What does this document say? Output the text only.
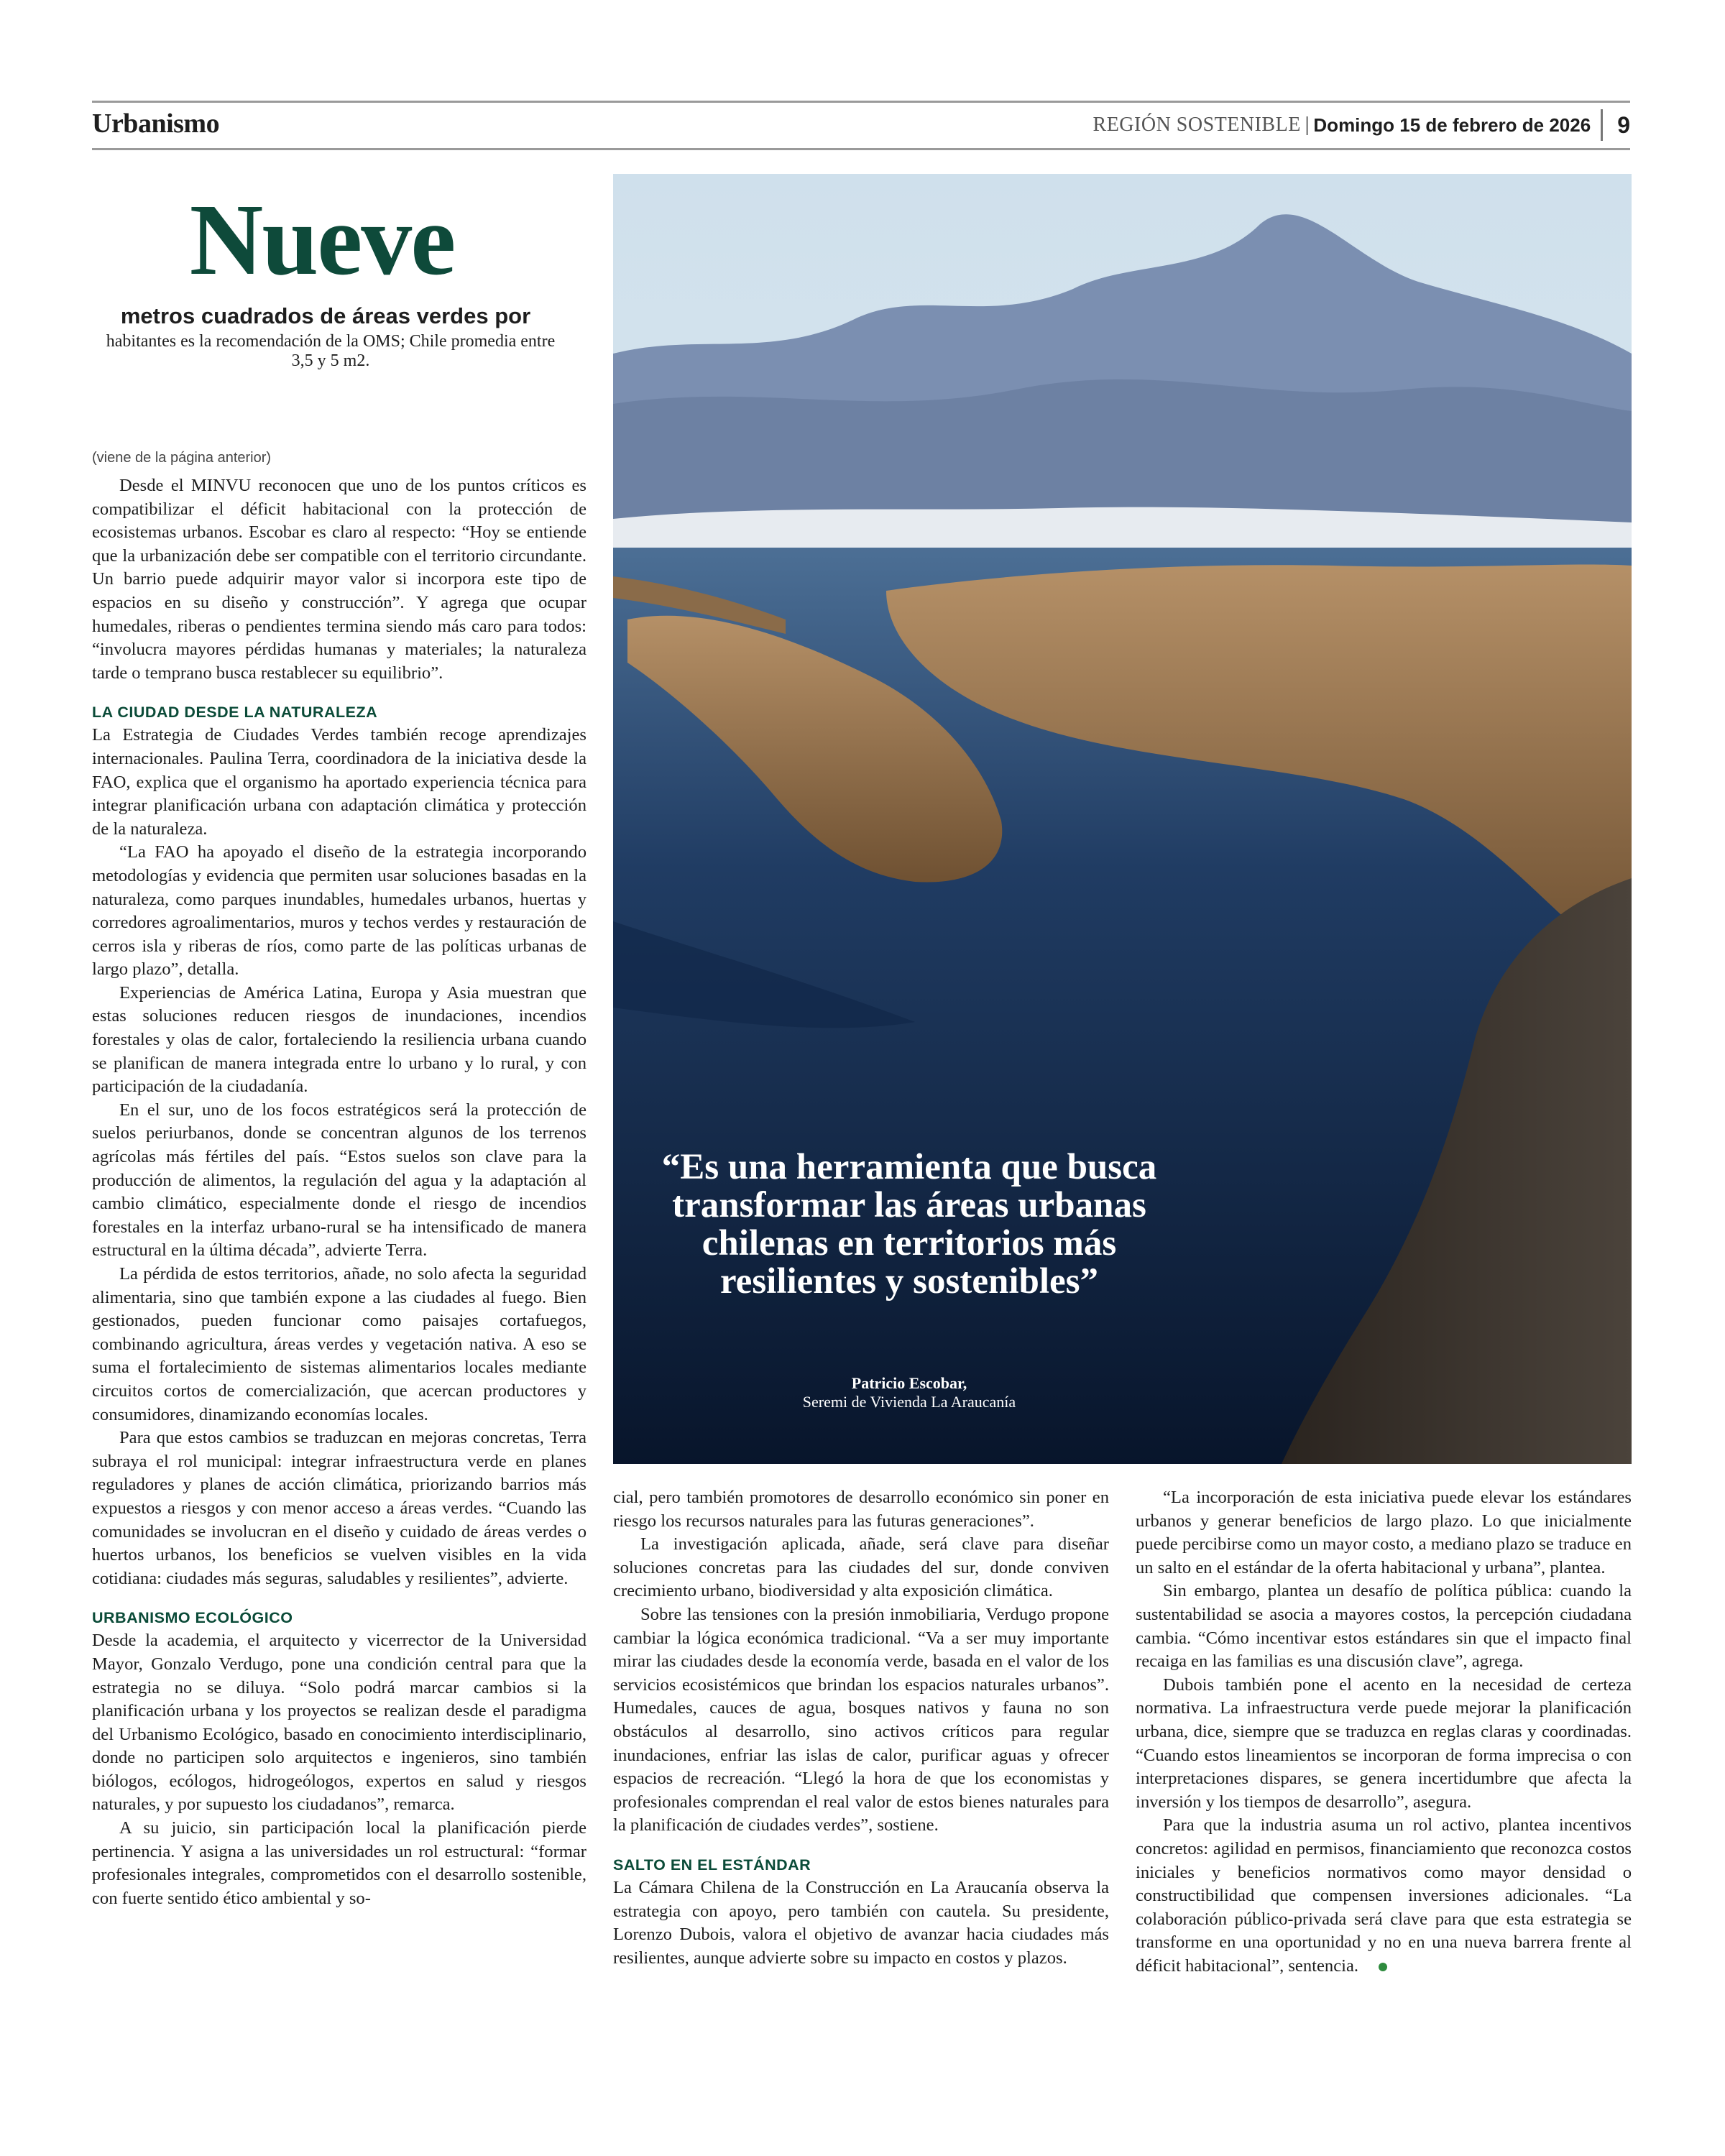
Urbanismo	REGIÓN SOSTENIBLE | Domingo 15 de febrero de 2026 9
Nueve
metros cuadrados de áreas verdes por
habitantes es la recomendación de la OMS; Chile promedia entre 3,5 y 5 m2.
“Es una herramienta que busca transformar las áreas urbanas chilenas en territorios más resilientes y sostenibles”
Patricio Escobar,
Seremi de Vivienda La Araucanía
(viene de la página anterior)

Desde el MINVU reconocen que uno de los puntos críticos es compatibilizar el déficit habitacional con la protección de ecosistemas urbanos. Escobar es claro al respecto: “Hoy se entiende que la urbanización debe ser compatible con el territorio circundante. Un barrio puede adquirir mayor valor si incorpora este tipo de espacios en su diseño y construcción”. Y agrega que ocupar humedales, riberas o pendientes termina siendo más caro para todos: “involucra mayores pérdidas humanas y materiales; la naturaleza tarde o temprano busca restablecer su equilibrio”.

LA CIUDAD DESDE LA NATURALEZA

La Estrategia de Ciudades Verdes también recoge aprendizajes internacionales. Paulina Terra, coordinadora de la iniciativa desde la FAO, explica que el organismo ha aportado experiencia técnica para integrar planificación urbana con adaptación climática y protección de la naturaleza.

“La FAO ha apoyado el diseño de la estrategia incorporando metodologías y evidencia que permiten usar soluciones basadas en la naturaleza, como parques inundables, humedales urbanos, huertas y corredores agroalimentarios, muros y techos verdes y restauración de cerros isla y riberas de ríos, como parte de las políticas urbanas de largo plazo”, detalla.

Experiencias de América Latina, Europa y Asia muestran que estas soluciones reducen riesgos de inundaciones, incendios forestales y olas de calor, fortaleciendo la resiliencia urbana cuando se planifican de manera integrada entre lo urbano y lo rural, y con participación de la ciudadanía.

En el sur, uno de los focos estratégicos será la protección de suelos periurbanos, donde se concentran algunos de los terrenos agrícolas más fértiles del país. “Estos suelos son clave para la producción de alimentos, la regulación del agua y la adaptación al cambio climático, especialmente donde el riesgo de incendios forestales en la interfaz urbano-rural se ha intensificado de manera estructural en la última década”, advierte Terra.

La pérdida de estos territorios, añade, no solo afecta la seguridad alimentaria, sino que también expone a las ciudades al fuego. Bien gestionados, pueden funcionar como paisajes cortafuegos, combinando agricultura, áreas verdes y vegetación nativa. A eso se suma el fortalecimiento de sistemas alimentarios locales mediante circuitos cortos de comercialización, que acercan productores y consumidores, dinamizando economías locales.

Para que estos cambios se traduzcan en mejoras concretas, Terra subraya el rol municipal: integrar infraestructura verde en planes reguladores y planes de acción climática, priorizando barrios más expuestos a riesgos y con menor acceso a áreas verdes. “Cuando las comunidades se involucran en el diseño y cuidado de áreas verdes o huertos urbanos, los beneficios se vuelven visibles en la vida cotidiana: ciudades más seguras, saludables y resilientes”, advierte.

URBANISMO ECOLÓGICO

Desde la academia, el arquitecto y vicerrector de la Universidad Mayor, Gonzalo Verdugo, pone una condición central para que la estrategia no se diluya. “Solo podrá marcar cambios si la planificación urbana y los proyectos se realizan desde el paradigma del Urbanismo Ecológico, basado en conocimiento interdisciplinario, donde no participen solo arquitectos e ingenieros, sino también biólogos, ecólogos, hidrogeólogos, expertos en salud y riesgos naturales, y por supuesto los ciudadanos”, remarca.

A su juicio, sin participación local la planificación pierde pertinencia. Y asigna a las universidades un rol estructural: “formar profesionales integrales, comprometidos con el desarrollo sostenible, con fuerte sentido ético ambiental y so-

cial, pero también promotores de desarrollo económico sin poner en riesgo los recursos naturales para las futuras generaciones”.

La investigación aplicada, añade, será clave para diseñar soluciones concretas para las ciudades del sur, donde conviven crecimiento urbano, biodiversidad y alta exposición climática.

Sobre las tensiones con la presión inmobiliaria, Verdugo propone cambiar la lógica económica tradicional. “Va a ser muy importante mirar las ciudades desde la economía verde, basada en el valor de los servicios ecosistémicos que brindan los espacios naturales urbanos”. Humedales, cauces de agua, bosques nativos y fauna no son obstáculos al desarrollo, sino activos críticos para regular inundaciones, enfriar las islas de calor, purificar aguas y ofrecer espacios de recreación. “Llegó la hora de que los economistas y profesionales comprendan el real valor de estos bienes naturales para la planificación de ciudades verdes”, sostiene.

SALTO EN EL ESTÁNDAR

La Cámara Chilena de la Construcción en La Araucanía observa la estrategia con apoyo, pero también con cautela. Su presidente, Lorenzo Dubois, valora el objetivo de avanzar hacia ciudades más resilientes, aunque advierte sobre su impacto en costos y plazos.

“La incorporación de esta iniciativa puede elevar los estándares urbanos y generar beneficios de largo plazo. Lo que inicialmente puede percibirse como un mayor costo, a mediano plazo se traduce en un salto en el estándar de la oferta habitacional y urbana”, plantea.

Sin embargo, plantea un desafío de política pública: cuando la sustentabilidad se asocia a mayores costos, la percepción ciudadana cambia. “Cómo incentivar estos estándares sin que el impacto final recaiga en las familias es una discusión clave”, agrega.

Dubois también pone el acento en la necesidad de certeza normativa. La infraestructura verde puede mejorar la planificación urbana, dice, siempre que se traduzca en reglas claras y coordinadas. “Cuando estos lineamientos se incorporan de forma imprecisa o con interpretaciones dispares, se genera incertidumbre que afecta la inversión y los tiempos de desarrollo”, asegura.

Para que la industria asuma un rol activo, plantea incentivos concretos: agilidad en permisos, financiamiento que reconozca costos iniciales y beneficios normativos como mayor densidad o constructibilidad que compensen inversiones adicionales. “La colaboración público-privada será clave para que esta estrategia se transforme en una oportunidad y no en una nueva barrera frente al déficit habitacional”, sentencia.
